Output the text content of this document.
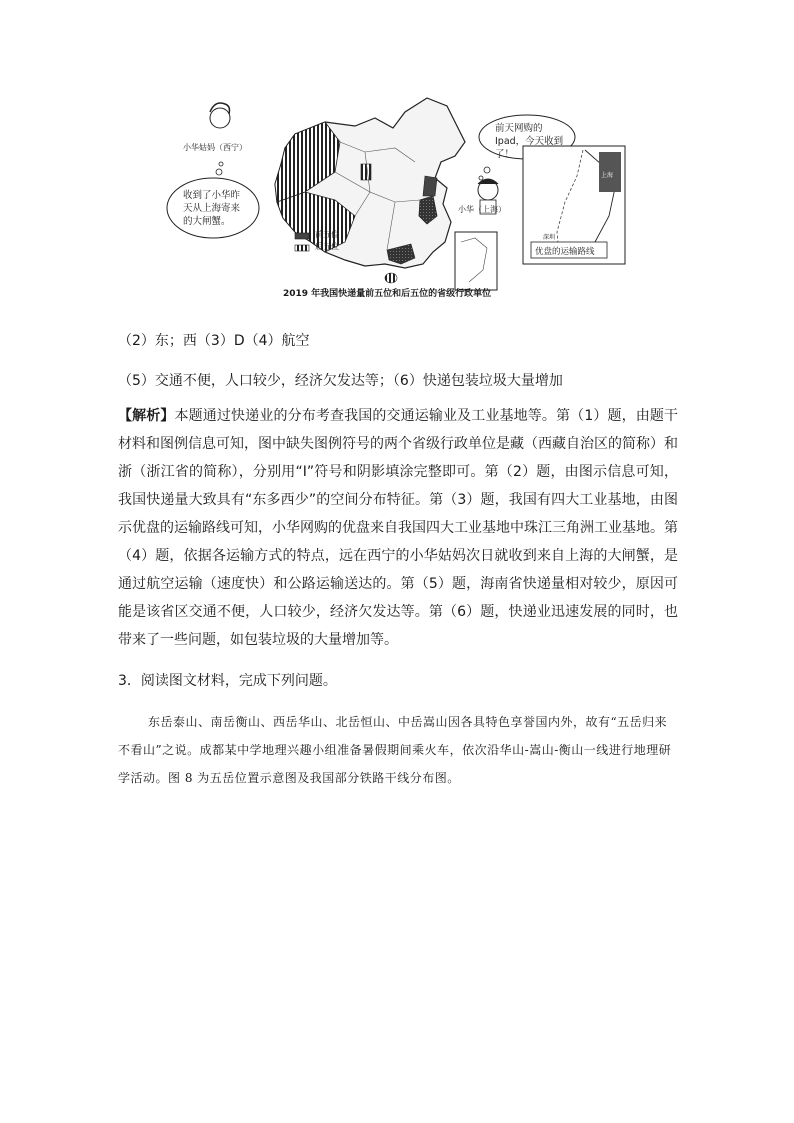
小华姑妈（西宁）
收到了小华昨天从上海寄来的大闸蟹。
前五位
后五位
前天网购的Ipad，今天收到了！
小华（上海）
上海
深圳
优盘的运输路线
2019 年我国快递量前五位和后五位的省级行政单位
（2）东；西（3）D（4）航空
（5）交通不便，人口较少，经济欠发达等；（6）快递包装垃圾大量增加
【解析】本题通过快递业的分布考查我国的交通运输业及工业基地等。第（1）题，由题干材料和图例信息可知，图中缺失图例符号的两个省级行政单位是藏（西藏自治区的简称）和浙（浙江省的简称），分别用“I”符号和阴影填涂完整即可。第（2）题，由图示信息可知，我国快递量大致具有“东多西少”的空间分布特征。第（3）题，我国有四大工业基地，由图示优盘的运输路线可知，小华网购的优盘来自我国四大工业基地中珠江三角洲工业基地。第（4）题，依据各运输方式的特点，远在西宁的小华姑妈次日就收到来自上海的大闸蟹，是通过航空运输（速度快）和公路运输送达的。第（5）题，海南省快递量相对较少，原因可能是该省区交通不便，人口较少，经济欠发达等。第（6）题，快递业迅速发展的同时，也带来了一些问题，如包装垃圾的大量增加等。
3．阅读图文材料，完成下列问题。
东岳泰山、南岳衡山、西岳华山、北岳恒山、中岳嵩山因各具特色享誉国内外，故有“五岳归来不看山”之说。成都某中学地理兴趣小组准备暑假期间乘火车，依次沿华山-嵩山-衡山一线进行地理研学活动。图 8 为五岳位置示意图及我国部分铁路干线分布图。
